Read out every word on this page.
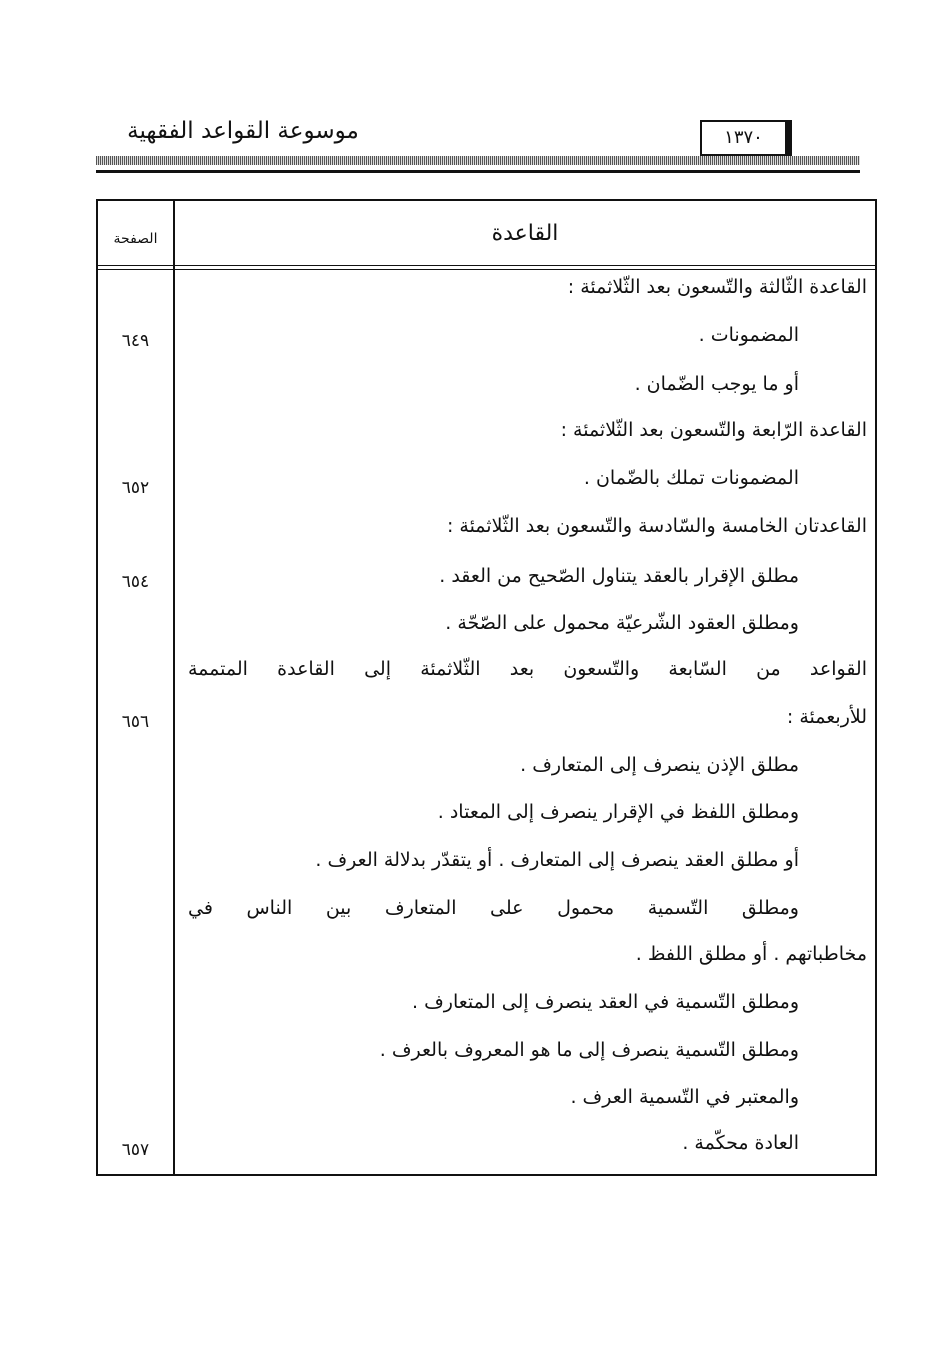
موسوعة القواعد الفقهية	١٣٧٠
الصفحة	القاعدة
القاعدة الثّالثة والتّسعون بعد الثّلاثمئة :
المضمونات .
أو ما يوجب الضّمان .
القاعدة الرّابعة والتّسعون بعد الثّلاثمئة :
المضمونات تملك بالضّمان .
القاعدتان الخامسة والسّادسة والتّسعون بعد الثّلاثمئة :
مطلق الإقرار بالعقد يتناول الصّحيح من العقد .
ومطلق العقود الشّرعيّة محمول على الصّحّة .
القواعد من السّابعة والتّسعون بعد الثّلاثمئة إلى القاعدة المتممة
للأربعمئة :
مطلق الإذن ينصرف إلى المتعارف .
ومطلق اللفظ في الإقرار ينصرف إلى المعتاد .
أو مطلق العقد ينصرف إلى المتعارف . أو يتقدّر بدلالة العرف .
ومطلق التّسمية محمول على المتعارف بين الناس في
مخاطباتهم . أو مطلق اللفظ .
ومطلق التّسمية في العقد ينصرف إلى المتعارف .
ومطلق التّسمية ينصرف إلى ما هو المعروف بالعرف .
والمعتبر في التّسمية العرف .
العادة محكّمة .
٦٤٩
٦٥٢
٦٥٤
٦٥٦
٦٥٧
